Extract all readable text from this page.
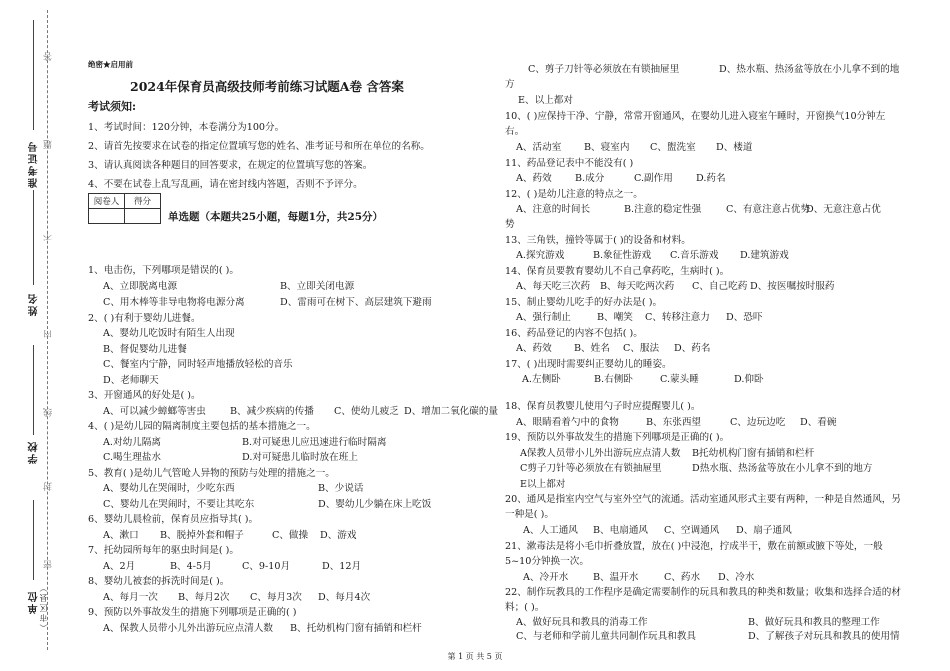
答
题
不
内
线
封
密
准考证号
姓名
学校
单位 （市区县）
绝密★启用前
2024年保育员高级技师考前练习试题A卷 含答案
考试须知:
1、考试时间：120分钟，本卷满分为100分。
2、请首先按要求在试卷的指定位置填写您的姓名、准考证号和所在单位的名称。
3、请认真阅读各种题目的回答要求，在规定的位置填写您的答案。
4、不要在试卷上乱写乱画，请在密封线内答题，否则不予评分。
阅卷人	得分

单选题（本题共25小题，每题1分，共25分）
1、电击伤，下列哪项是错误的( )。
A、立即脱离电源	B、立即关闭电源
C、用木棒等非导电物将电源分离	D、雷雨可在树下、高层建筑下避雨
2、( )有利于婴幼儿进餐。
A、婴幼儿吃饭时有陌生人出现
B、督促婴幼儿进餐
C、餐室内宁静，同时轻声地播放轻松的音乐
D、老师聊天
3、开窗通风的好处是( )。
A、可以减少蟑螂等害虫	B、减少疾病的传播 C、使幼儿疲乏 D、增加二氧化碳的量
4、( )是幼儿园的隔离制度主要包括的基本措施之一。
A.对幼儿隔离	B.对可疑患儿应迅速进行临时隔离
C.喝生理盐水	D.对可疑患儿临时放在班上
5、教育( )是幼儿气管呛人异物的预防与处理的措施之一。
A、婴幼儿在哭闹时，少吃东西	B、少说话
C、婴幼儿在哭闹时，不要让其吃东	D、婴幼儿少躺在床上吃饭
6、婴幼儿晨检前，保育员应指导其( )。
A、漱口 B、脱掉外套和帽子	C、做操 D、游戏
7、托幼园所每年的驱虫时间是( )。
A、2月	B、4-5月	C、9-10月	D、12月
8、婴幼儿被套的拆洗时间是( )。
A、每月一次 B、每月2次 C、每月3次 D、每月4次
9、预防以外事故发生的措施下列哪项是正确的( )
A、保教人员带小儿外出游玩应点清人数 B、托幼机构门窗有插销和栏杆
C、剪子刀针等必须放在有锁抽屉里	D、热水瓶、热汤盆等放在小儿拿不到的地
方
E、以上都对
10、( )应保持干净、宁静，常常开窗通风，在婴幼儿进入寝室午睡时，开窗换气10分钟左
右。
A、活动室 B、寝室内 C、盥洗室 D、楼道
11、药品登记表中不能没有( )
A、药效 B.成分	C.副作用 D.药名
12、( )是幼儿注意的特点之一。
A、注意的时间长	B.注意的稳定性强	C、有意注意占优势
D、无意注意占优
势
13、三角铁，撞铃等属于( )的设备和材料。
A.探究游戏	B.象征性游戏 C.音乐游戏 D.建筑游戏
14、保育员要教育婴幼儿不自己拿药吃，生病时( )。
A、每天吃三次药 B、每天吃两次药 C、自己吃药 D、按医嘱按时服药
15、制止婴幼儿吃手的好办法是( )。
A、强行制止	B、嘲笑 C、转移注意力 D、恐吓
16、药品登记的内容不包括( )。
A、药效 B、姓名 C、服法 D、药名
17、( )出现时需要纠正婴幼儿的睡姿。
A.左侧卧	B.右侧卧	C.蒙头睡	D.仰卧
18、保育员教婴儿使用勺子时应提醒婴儿( )。
A、眼睛看着勺中的食物	B、东张西望	C、边玩边吃 D、看碗
19、预防以外事故发生的措施下列哪项是正确的( )。
A保教人员带小儿外出游玩应点清人数 B托幼机构门窗有插销和栏杆
C剪子刀针等必须放在有锁抽屉里	D热水瓶、热汤盆等放在小儿拿不到的地方
E以上都对
20、通风是指室内空气与室外空气的流通。活动室通风形式主要有两种，一种是自然通风，另
一种是( )。
A、人工通风 B、电扇通风 C、空调通风 D、扇子通风
21、漱毒法是将小毛巾折叠放置，放在( )中浸泡，拧成半干，敷在前额或腋下等处，一般
5~10分钟换一次。
A、冷开水	B、温开水	C、药水 D、冷水
22、制作玩教具的工作程序是确定需要制作的玩具和教具的种类和数量；收集和选择合适的材
料；( )。
A、做好玩具和教具的消毒工作	B、做好玩具和教具的整理工作
C、与老师和学前儿童共同制作玩具和教具	D、了解孩子对玩具和教具的使用情
第 1 页 共 5 页
